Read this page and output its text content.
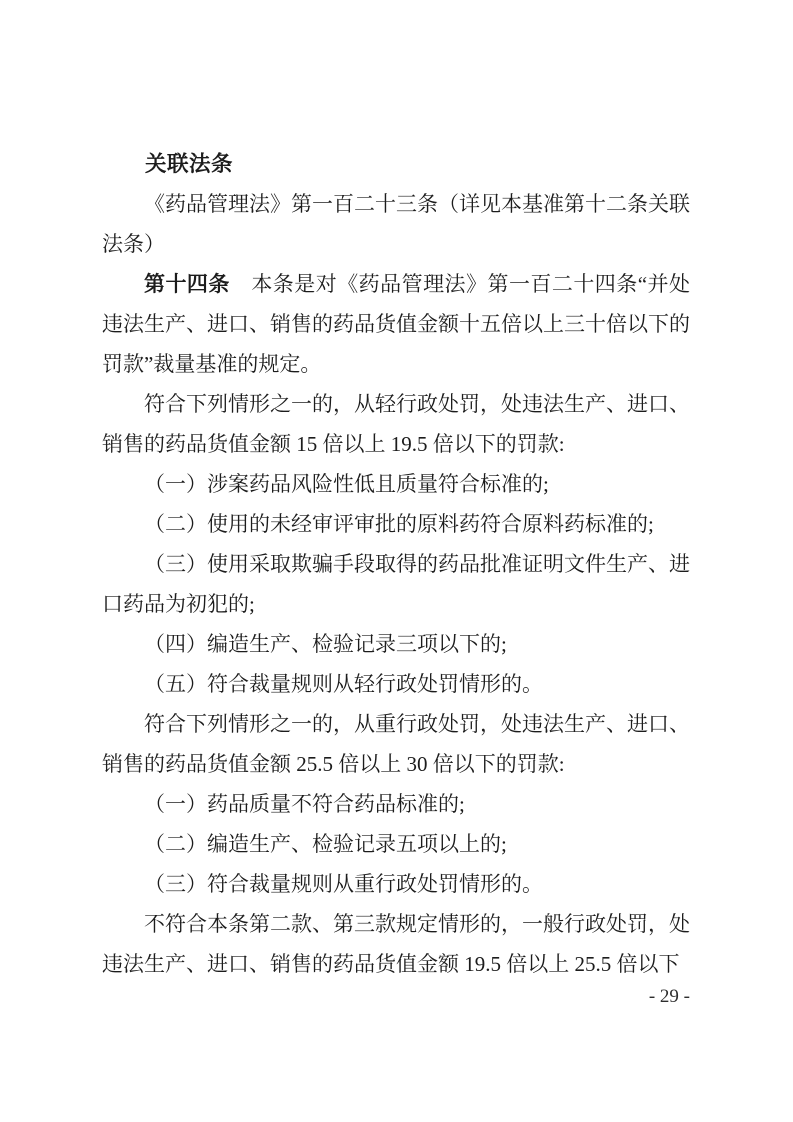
关联法条

《药品管理法》第一百二十三条（详见本基准第十二条关联法条）

第十四条　本条是对《药品管理法》第一百二十四条“并处违法生产、进口、销售的药品货值金额十五倍以上三十倍以下的罚款”裁量基准的规定。

符合下列情形之一的，从轻行政处罚，处违法生产、进口、销售的药品货值金额 15 倍以上 19.5 倍以下的罚款:

（一）涉案药品风险性低且质量符合标准的;

（二）使用的未经审评审批的原料药符合原料药标准的;

（三）使用采取欺骗手段取得的药品批准证明文件生产、进口药品为初犯的;

（四）编造生产、检验记录三项以下的;

（五）符合裁量规则从轻行政处罚情形的。

符合下列情形之一的，从重行政处罚，处违法生产、进口、销售的药品货值金额 25.5 倍以上 30 倍以下的罚款:

（一）药品质量不符合药品标准的;

（二）编造生产、检验记录五项以上的;

（三）符合裁量规则从重行政处罚情形的。

不符合本条第二款、第三款规定情形的，一般行政处罚，处违法生产、进口、销售的药品货值金额 19.5 倍以上 25.5 倍以下

- 29 -
